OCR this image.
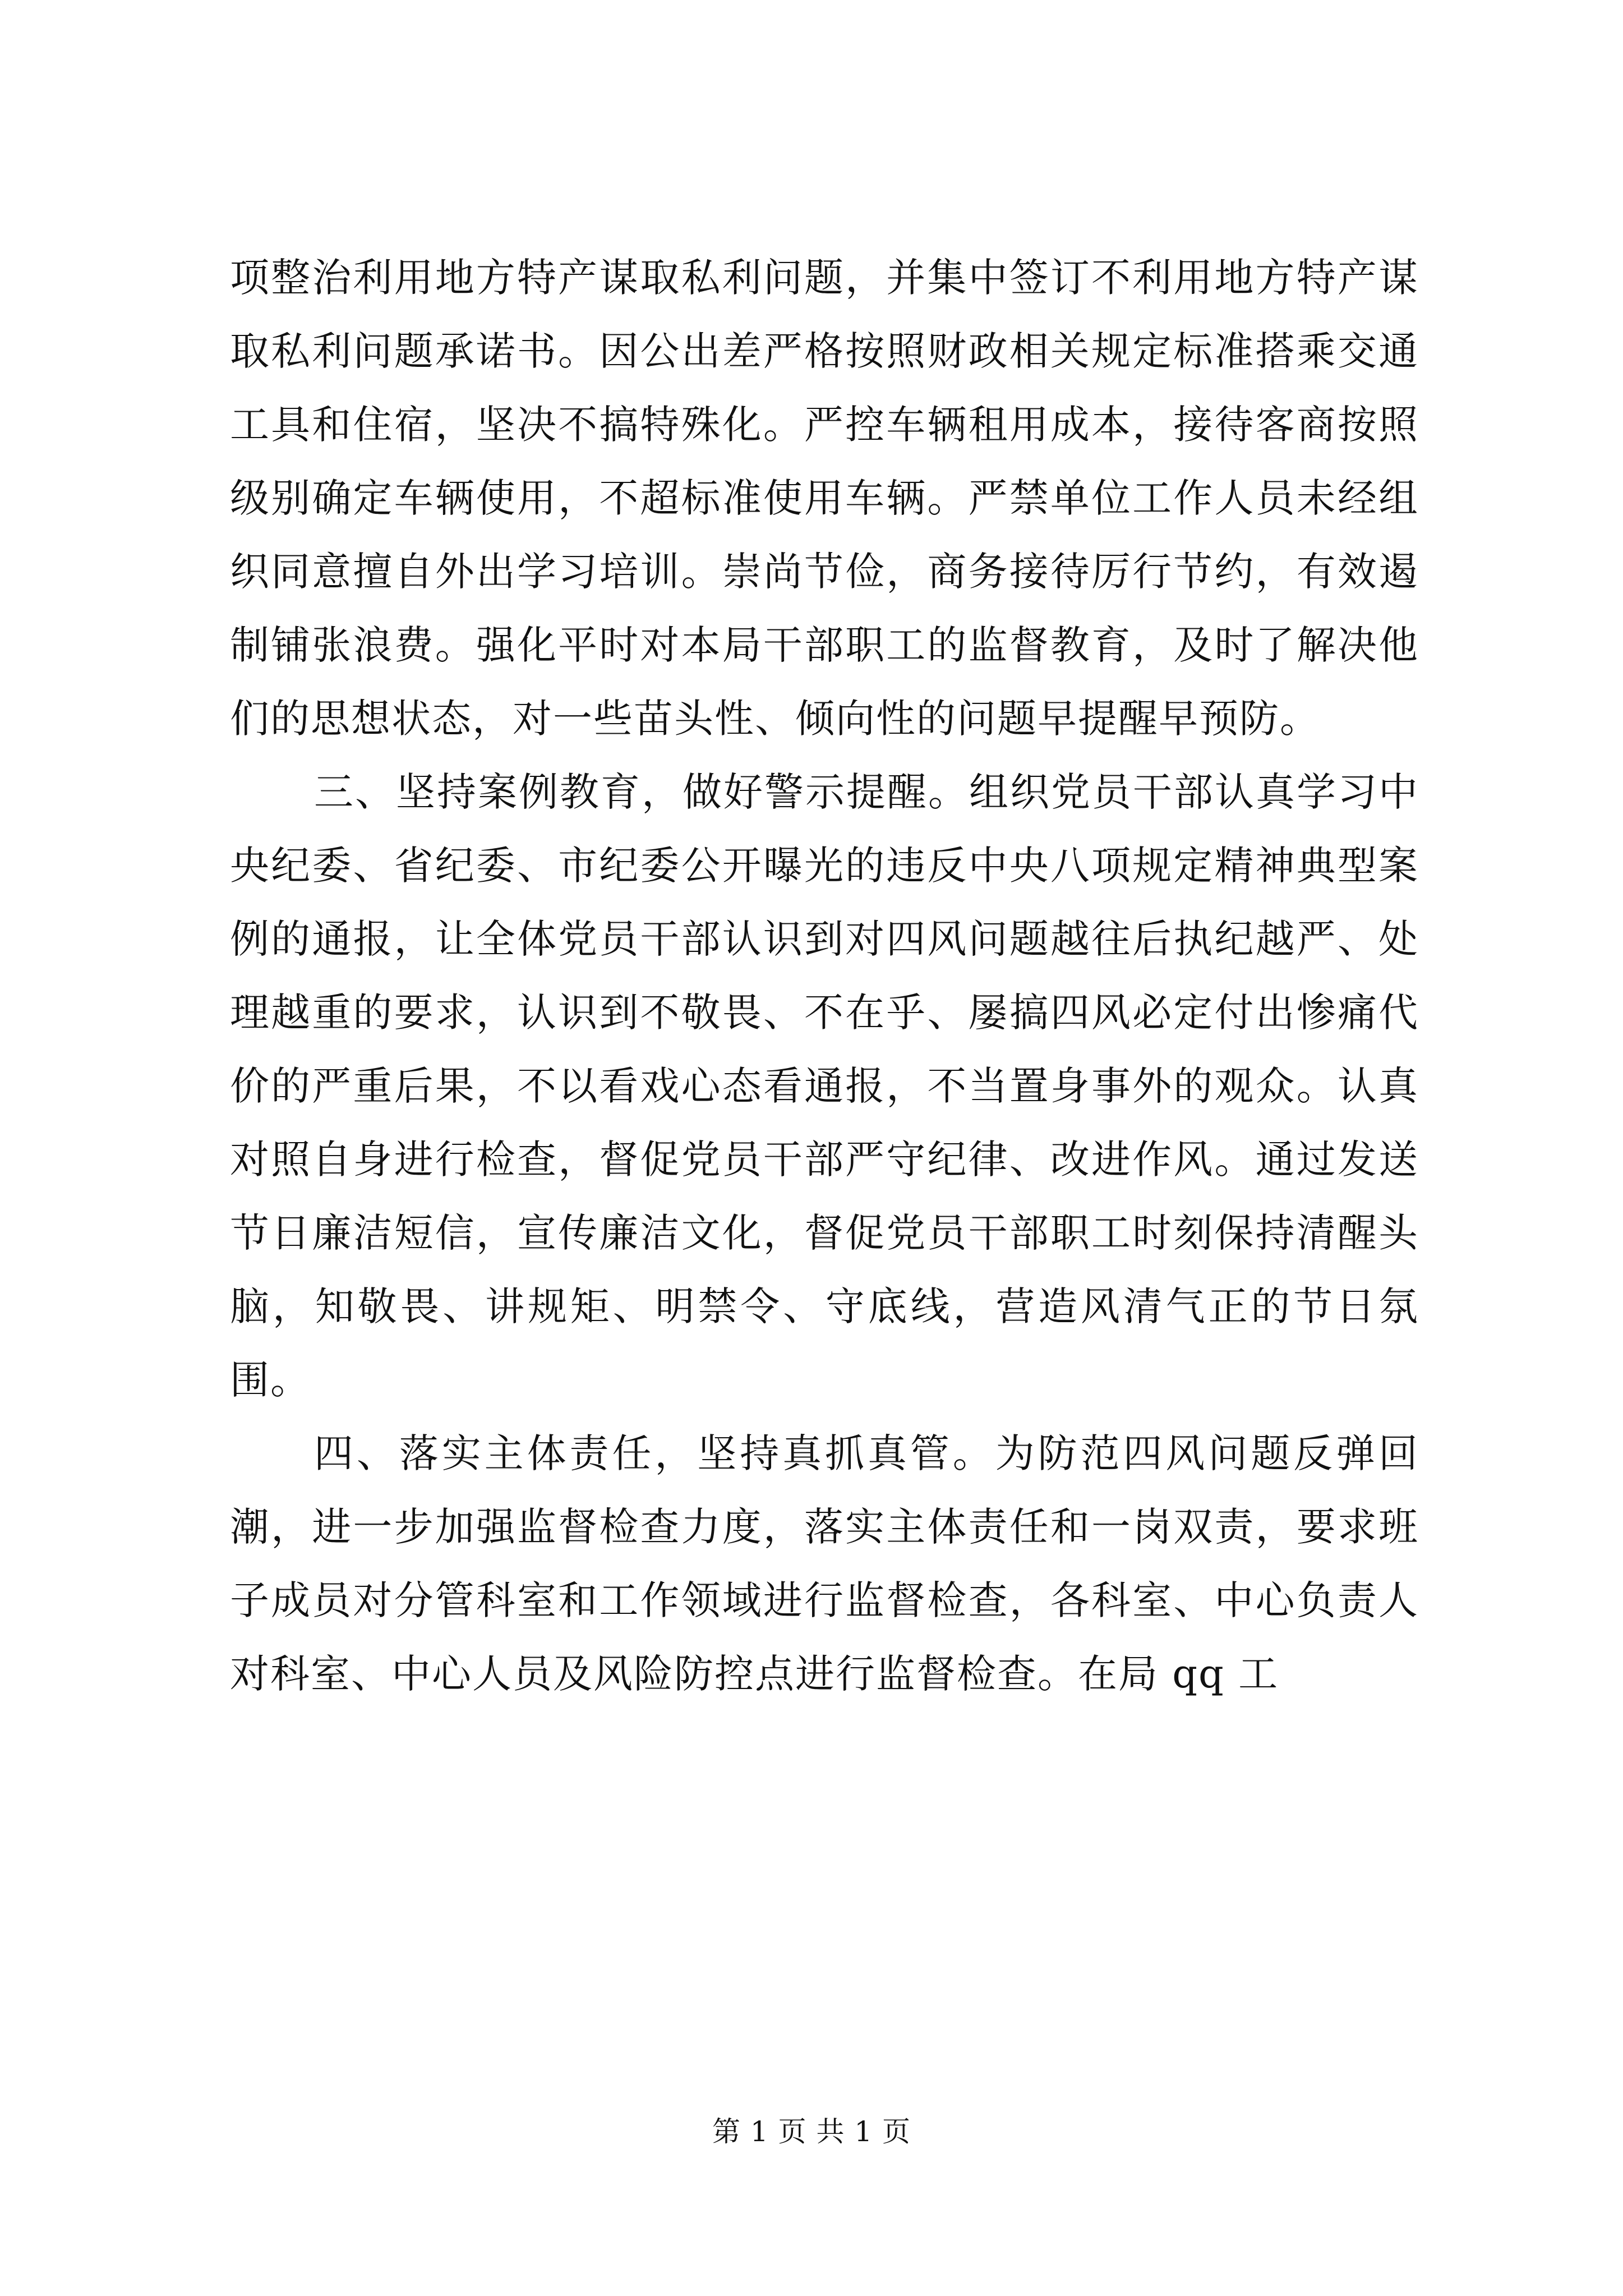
项整治利用地方特产谋取私利问题，并集中签订不利用地方特产谋取私利问题承诺书。因公出差严格按照财政相关规定标准搭乘交通工具和住宿，坚决不搞特殊化。严控车辆租用成本，接待客商按照级别确定车辆使用，不超标准使用车辆。严禁单位工作人员未经组织同意擅自外出学习培训。崇尚节俭，商务接待厉行节约，有效遏制铺张浪费。强化平时对本局干部职工的监督教育，及时了解决他们的思想状态，对一些苗头性、倾向性的问题早提醒早预防。

三、坚持案例教育，做好警示提醒。组织党员干部认真学习中央纪委、省纪委、市纪委公开曝光的违反中央八项规定精神典型案例的通报，让全体党员干部认识到对四风问题越往后执纪越严、处理越重的要求，认识到不敬畏、不在乎、屡搞四风必定付出惨痛代价的严重后果，不以看戏心态看通报，不当置身事外的观众。认真对照自身进行检查，督促党员干部严守纪律、改进作风。通过发送节日廉洁短信，宣传廉洁文化，督促党员干部职工时刻保持清醒头脑，知敬畏、讲规矩、明禁令、守底线，营造风清气正的节日氛围。

四、落实主体责任，坚持真抓真管。为防范四风问题反弹回潮，进一步加强监督检查力度，落实主体责任和一岗双责，要求班子成员对分管科室和工作领域进行监督检查，各科室、中心负责人对科室、中心人员及风险防控点进行监督检查。在局 qq 工

第 1 页 共 1 页
